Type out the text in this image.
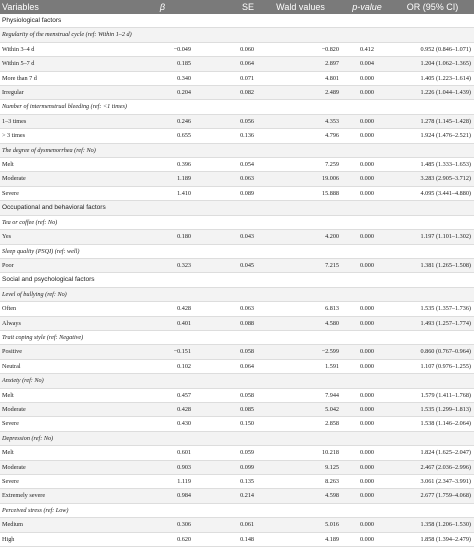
Variables	β	SE	Wald values	p-value	OR (95% CI)
Physiological factors					
Regularity of the menstrual cycle (ref: Within 1–2 d)					
Within 3–4 d	−0.049	0.060	−0.820	0.412	0.952 (0.846–1.071)
Within 5–7 d	0.185	0.064	2.897	0.004	1.204 (1.062–1.365)
More than 7 d	0.340	0.071	4.801	0.000	1.405 (1.223–1.614)
Irregular	0.204	0.082	2.489	0.000	1.226 (1.044–1.439)
Number of intermenstrual bleeding (ref: <1 times)					
1–3 times	0.246	0.056	4.353	0.000	1.278 (1.145–1.428)
> 3 times	0.655	0.136	4.796	0.000	1.924 (1.476–2.521)
The degree of dysmenorrhea (ref: No)					
Melt	0.396	0.054	7.259	0.000	1.485 (1.333–1.653)
Moderate	1.189	0.063	19.006	0.000	3.283 (2.905–3.712)
Severe	1.410	0.089	15.888	0.000	4.095 (3.441–4.880)
Occupational and behavioral factors					
Tea or coffee (ref: No)					
Yes	0.180	0.043	4.200	0.000	1.197 (1.101–1.302)
Sleep quality (PSQI) (ref: well)					
Poor	0.323	0.045	7.215	0.000	1.381 (1.265–1.508)
Social and psychological factors					
Level of bullying (ref: No)					
Often	0.428	0.063	6.813	0.000	1.535 (1.357–1.736)
Always	0.401	0.088	4.580	0.000	1.493 (1.257–1.774)
Trait coping style (ref: Negative)					
Positive	−0.151	0.058	−2.599	0.000	0.860 (0.767–0.964)
Neutral	0.102	0.064	1.591	0.000	1.107 (0.976–1.255)
Anxiety (ref: No)					
Melt	0.457	0.058	7.944	0.000	1.579 (1.411–1.768)
Moderate	0.428	0.085	5.042	0.000	1.535 (1.299–1.813)
Severe	0.430	0.150	2.858	0.000	1.538 (1.146–2.064)
Depression (ref: No)					
Melt	0.601	0.059	10.218	0.000	1.824 (1.625–2.047)
Moderate	0.903	0.099	9.125	0.000	2.467 (2.036–2.996)
Severe	1.119	0.135	8.263	0.000	3.061 (2.347–3.991)
Extremely severe	0.984	0.214	4.598	0.000	2.677 (1.759–4.068)
Perceived stress (ref: Low)					
Medium	0.306	0.061	5.016	0.000	1.358 (1.206–1.530)
High	0.620	0.148	4.189	0.000	1.858 (1.394–2.479)
